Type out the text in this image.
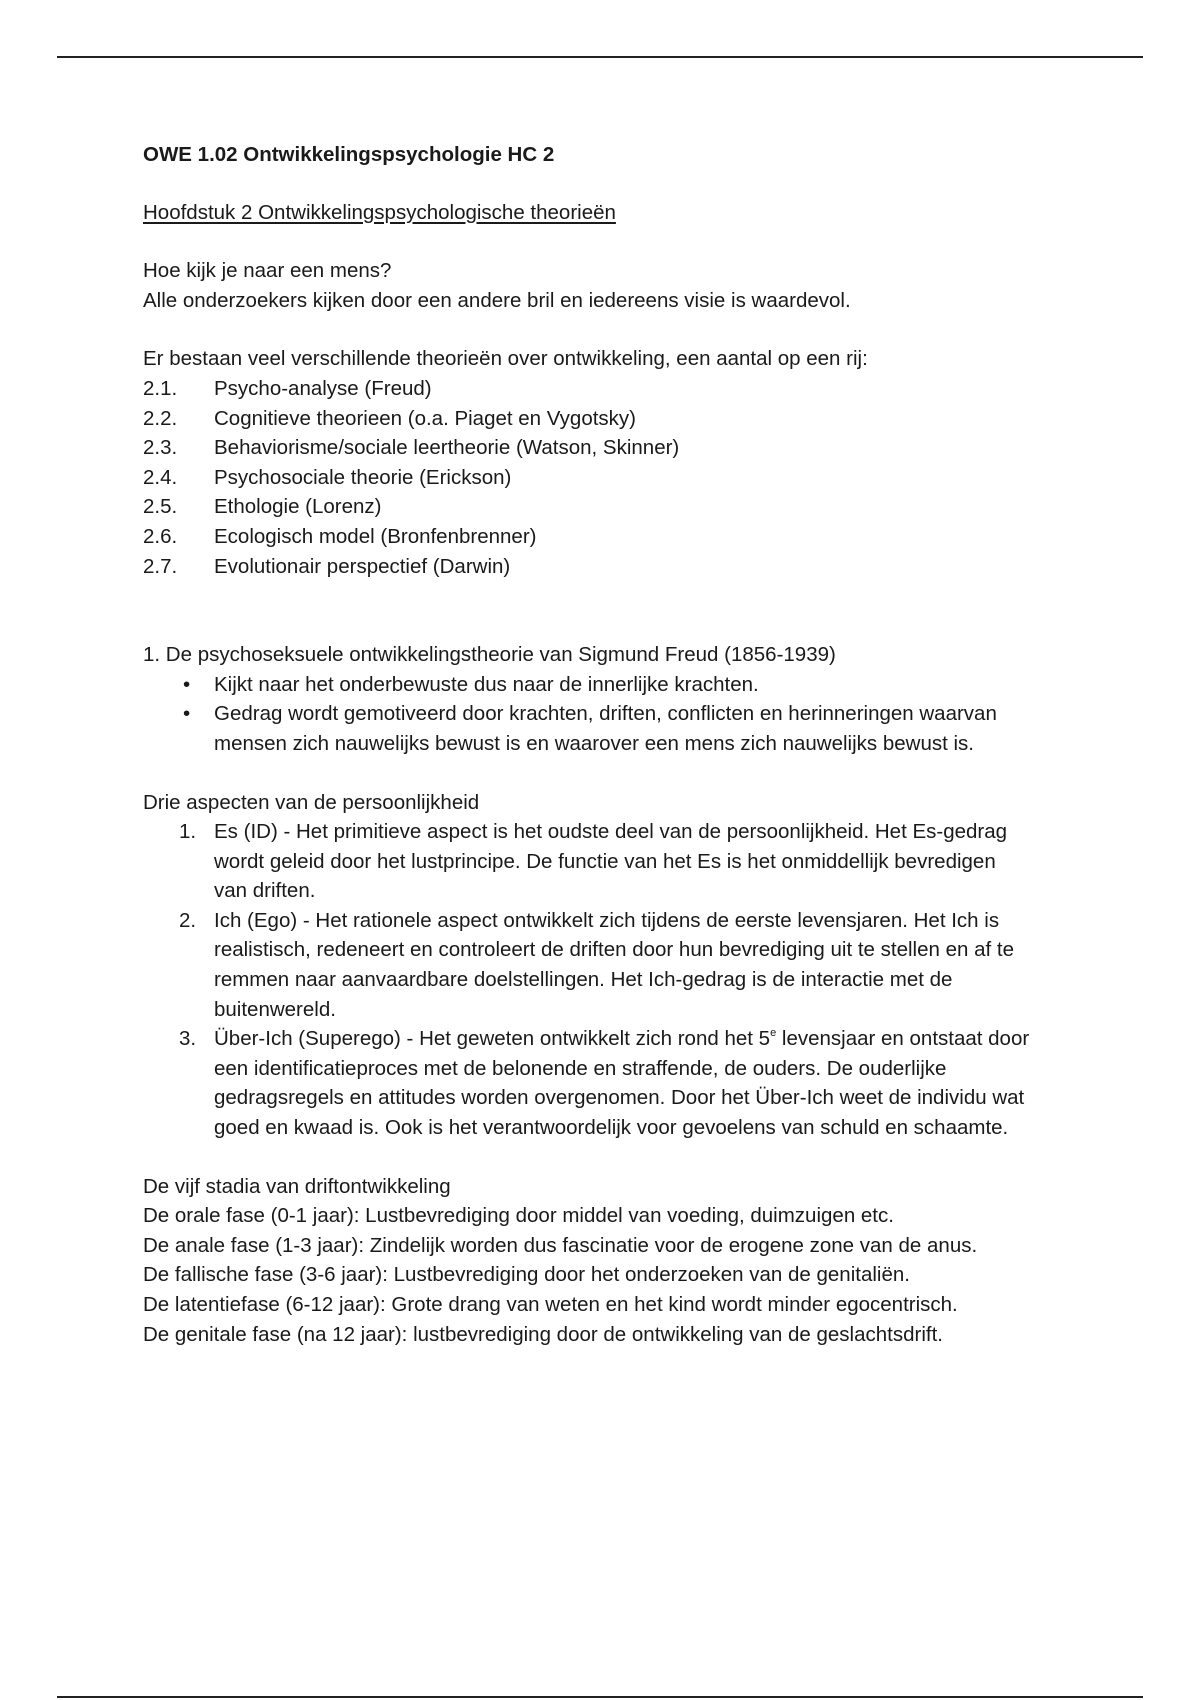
OWE 1.02 Ontwikkelingspsychologie HC 2

Hoofdstuk 2 Ontwikkelingspsychologische theorieën

Hoe kijk je naar een mens?

Alle onderzoekers kijken door een andere bril en iedereens visie is waardevol.

Er bestaan veel verschillende theorieën over ontwikkeling, een aantal op een rij:

2.1.	Psycho-analyse (Freud)
2.2.	Cognitieve theorieen (o.a. Piaget en Vygotsky)
2.3.	Behaviorisme/sociale leertheorie (Watson, Skinner)
2.4.	Psychosociale theorie (Erickson)
2.5.	Ethologie (Lorenz)
2.6.	Ecologisch model (Bronfenbrenner)
2.7.	Evolutionair perspectief (Darwin)

1. De psychoseksuele ontwikkelingstheorie van Sigmund Freud (1856-1939)

•	Kijkt naar het onderbewuste dus naar de innerlijke krachten.
•	Gedrag wordt gemotiveerd door krachten, driften, conflicten en herinneringen waarvan mensen zich nauwelijks bewust is en waarover een mens zich nauwelijks bewust is.

Drie aspecten van de persoonlijkheid

1. Es (ID) - Het primitieve aspect is het oudste deel van de persoonlijkheid. Het Es-gedrag wordt geleid door het lustprincipe. De functie van het Es is het onmiddellijk bevredigen van driften.
2. Ich (Ego) - Het rationele aspect ontwikkelt zich tijdens de eerste levensjaren. Het Ich is realistisch, redeneert en controleert de driften door hun bevrediging uit te stellen en af te remmen naar aanvaardbare doelstellingen. Het Ich-gedrag is de interactie met de buitenwereld.
3. Über-Ich (Superego) - Het geweten ontwikkelt zich rond het 5e levensjaar en ontstaat door een identificatieproces met de belonende en straffende, de ouders. De ouderlijke gedragsregels en attitudes worden overgenomen. Door het Über-Ich weet de individu wat goed en kwaad is. Ook is het verantwoordelijk voor gevoelens van schuld en schaamte.

De vijf stadia van driftontwikkeling

De orale fase (0-1 jaar): Lustbevrediging door middel van voeding, duimzuigen etc.

De anale fase (1-3 jaar): Zindelijk worden dus fascinatie voor de erogene zone van de anus.

De fallische fase (3-6 jaar): Lustbevrediging door het onderzoeken van de genitaliën.

De latentiefase (6-12 jaar): Grote drang van weten en het kind wordt minder egocentrisch.

De genitale fase (na 12 jaar): lustbevrediging door de ontwikkeling van de geslachtsdrift.
